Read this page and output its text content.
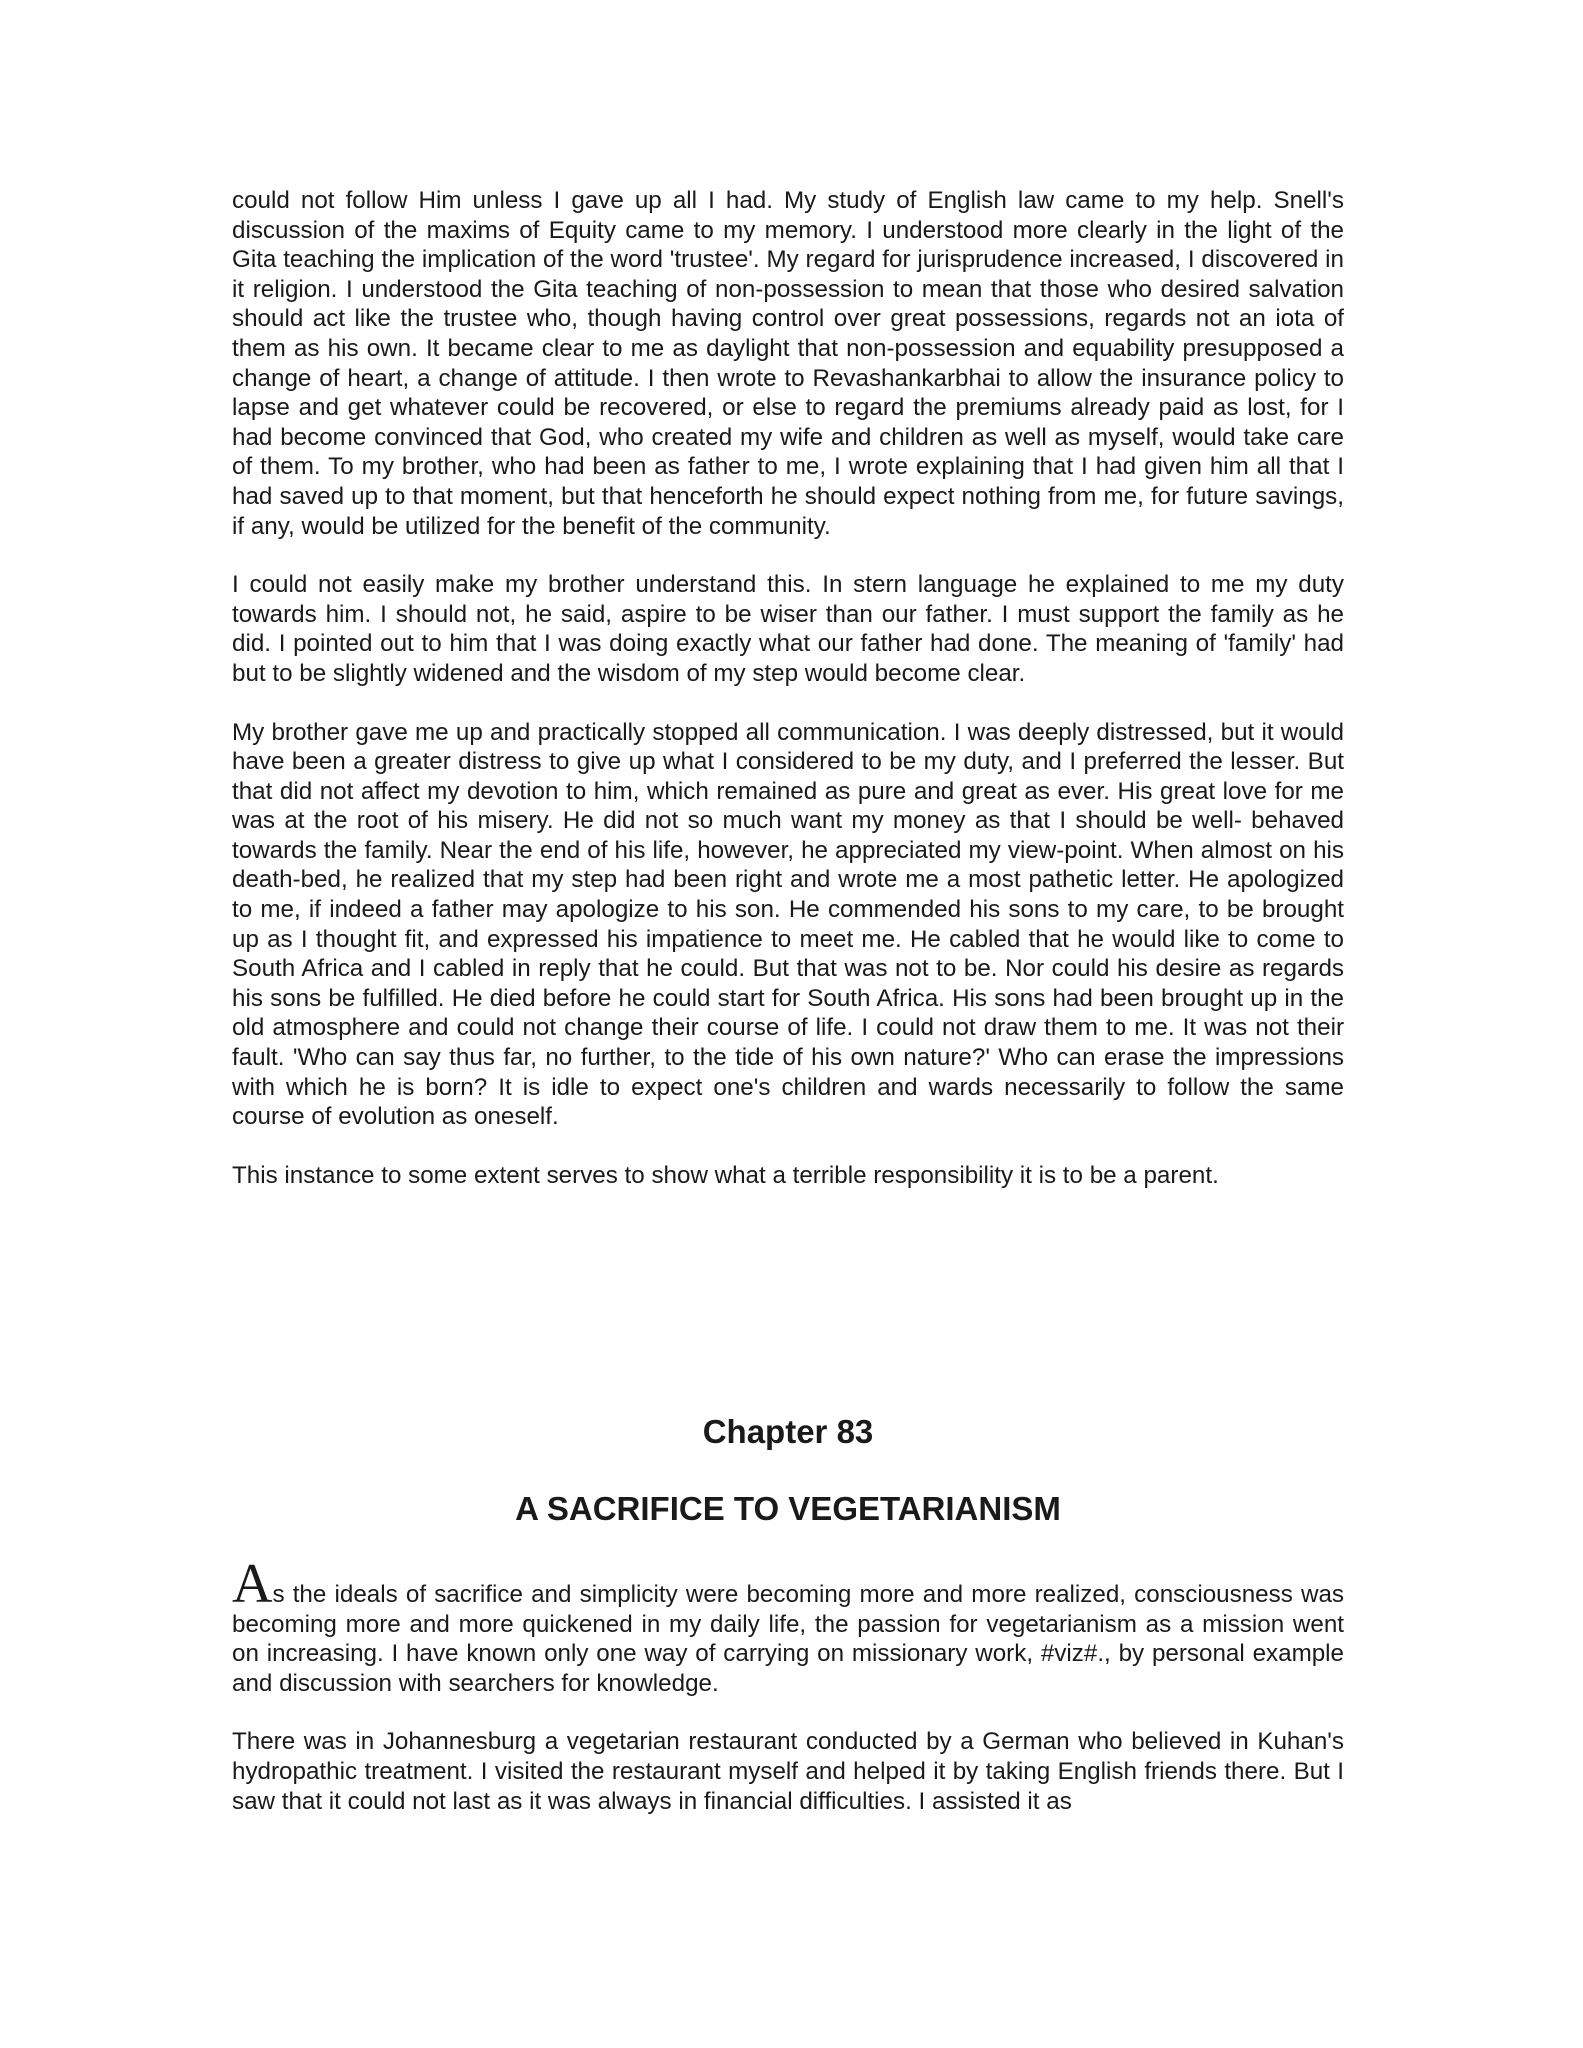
could not follow Him unless I gave up all I had. My study of English law came to my help. Snell's discussion of the maxims of Equity came to my memory. I understood more clearly in the light of the Gita teaching the implication of the word 'trustee'. My regard for jurisprudence increased, I discovered in it religion. I understood the Gita teaching of non-possession to mean that those who desired salvation should act like the trustee who, though having control over great possessions, regards not an iota of them as his own. It became clear to me as daylight that non-possession and equability presupposed a change of heart, a change of attitude. I then wrote to Revashankarbhai to allow the insurance policy to lapse and get whatever could be recovered, or else to regard the premiums already paid as lost, for I had become convinced that God, who created my wife and children as well as myself, would take care of them. To my brother, who had been as father to me, I wrote explaining that I had given him all that I had saved up to that moment, but that henceforth he should expect nothing from me, for future savings, if any, would be utilized for the benefit of the community.

I could not easily make my brother understand this. In stern language he explained to me my duty towards him. I should not, he said, aspire to be wiser than our father. I must support the family as he did. I pointed out to him that I was doing exactly what our father had done. The meaning of 'family' had but to be slightly widened and the wisdom of my step would become clear.

My brother gave me up and practically stopped all communication. I was deeply distressed, but it would have been a greater distress to give up what I considered to be my duty, and I preferred the lesser. But that did not affect my devotion to him, which remained as pure and great as ever. His great love for me was at the root of his misery. He did not so much want my money as that I should be well- behaved towards the family. Near the end of his life, however, he appreciated my view-point. When almost on his death-bed, he realized that my step had been right and wrote me a most pathetic letter. He apologized to me, if indeed a father may apologize to his son. He commended his sons to my care, to be brought up as I thought fit, and expressed his impatience to meet me. He cabled that he would like to come to South Africa and I cabled in reply that he could. But that was not to be. Nor could his desire as regards his sons be fulfilled. He died before he could start for South Africa. His sons had been brought up in the old atmosphere and could not change their course of life. I could not draw them to me. It was not their fault. 'Who can say thus far, no further, to the tide of his own nature?' Who can erase the impressions with which he is born? It is idle to expect one's children and wards necessarily to follow the same course of evolution as oneself.

This instance to some extent serves to show what a terrible responsibility it is to be a parent.

Chapter 83
A SACRIFICE TO VEGETARIANISM

As the ideals of sacrifice and simplicity were becoming more and more realized, consciousness was becoming more and more quickened in my daily life, the passion for vegetarianism as a mission went on increasing. I have known only one way of carrying on missionary work, #viz#., by personal example and discussion with searchers for knowledge.

There was in Johannesburg a vegetarian restaurant conducted by a German who believed in Kuhan's hydropathic treatment. I visited the restaurant myself and helped it by taking English friends there. But I saw that it could not last as it was always in financial difficulties. I assisted it as
